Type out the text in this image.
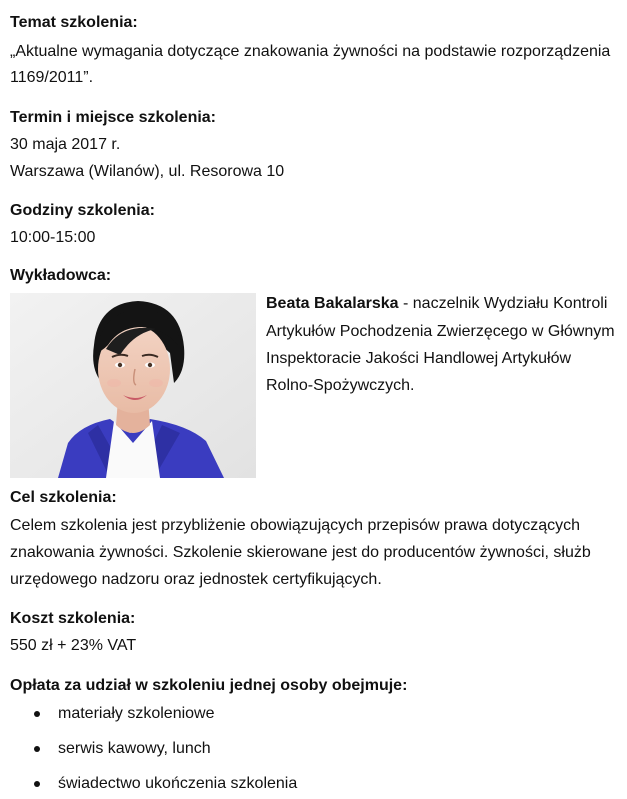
Temat szkolenia:
„Aktualne wymagania dotyczące znakowania żywności na podstawie rozporządzenia
1169/2011”.
Termin i miejsce szkolenia:
30 maja 2017 r.
Warszawa (Wilanów), ul. Resorowa 10
Godziny szkolenia:
10:00-15:00
Wykładowca:
Beata Bakalarska - naczelnik Wydziału Kontroli
Artykułów Pochodzenia Zwierzęcego w Głównym
Inspektoracie Jakości Handlowej Artykułów
Rolno-Spożywczych.
Cel szkolenia:
Celem szkolenia jest przybliżenie obowiązujących przepisów prawa dotyczących
znakowania żywności. Szkolenie skierowane jest do producentów żywności, służb
urzędowego nadzoru oraz jednostek certyfikujących.
Koszt szkolenia:
550 zł + 23% VAT
Opłata za udział w szkoleniu jednej osoby obejmuje:
materiały szkoleniowe
serwis kawowy, lunch
świadectwo ukończenia szkolenia
